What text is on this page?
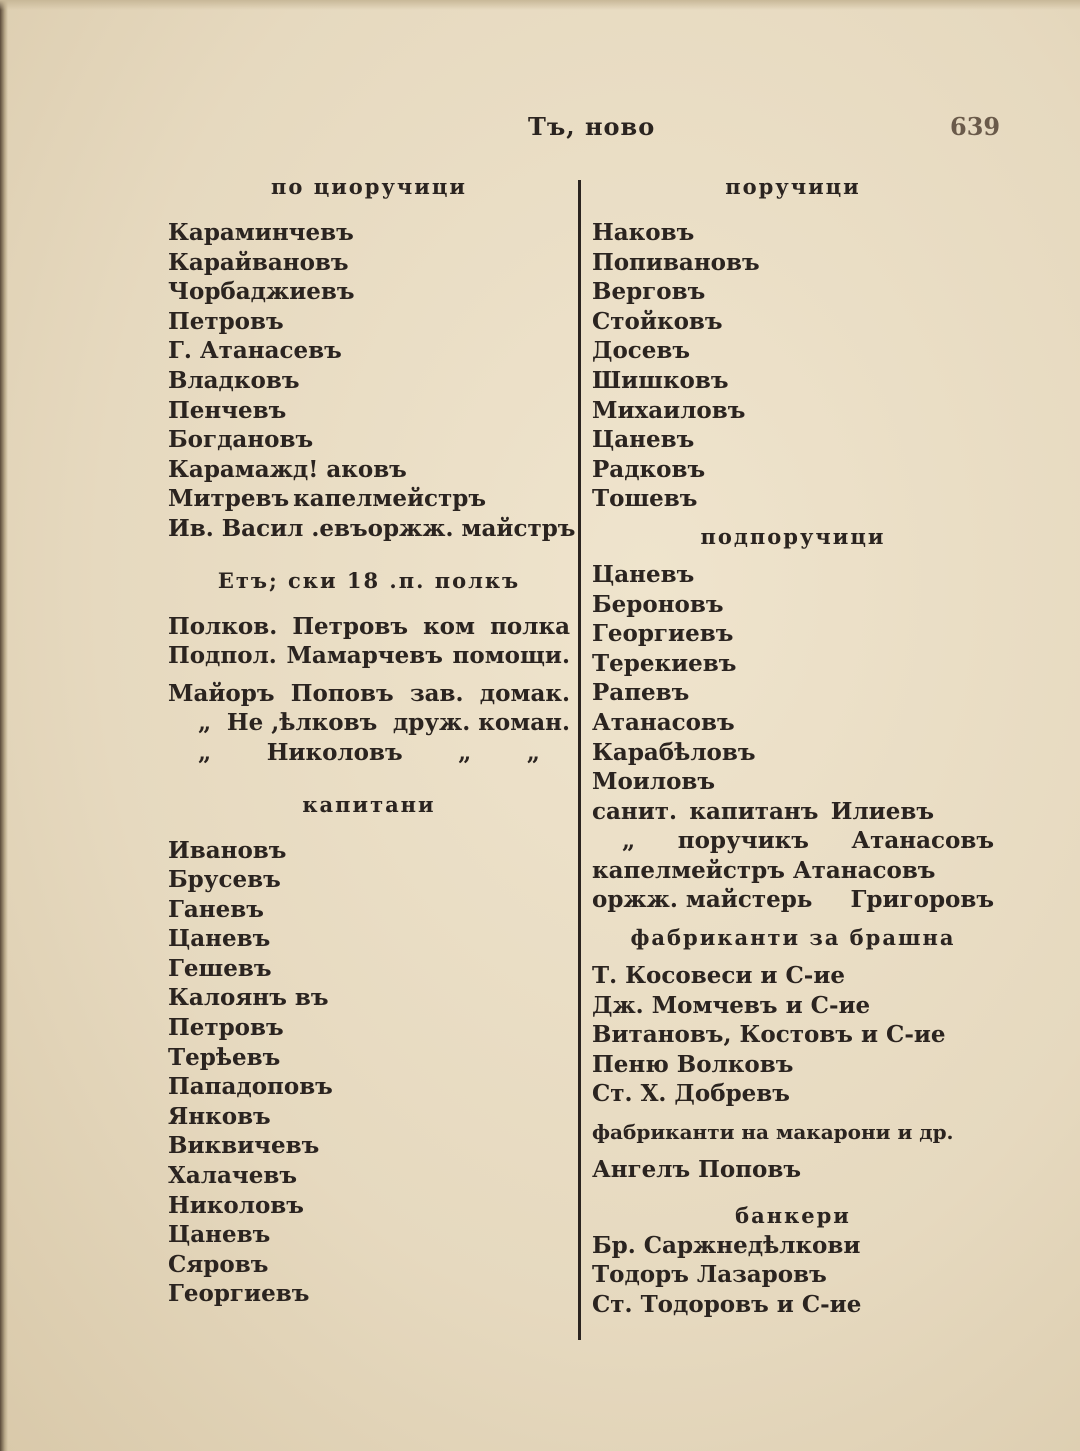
Тъ, ново	639
по циоручици
Караминчевъ
Карайвановъ
Чорбаджиевъ
Петровъ
Г. Атанасевъ
Владковъ
Пенчевъ
Богдановъ
Карамажд! аковъ
Митревъ капелмейстръ
Ив. Васил .евъ оржж. майстръ
Етъ; ски 18 .п. полкъ
Полков. Петровъ ком полка
Подпол. Мамарчевъ помощи.
Майоръ Поповъ зав. домак.
„ Не ,ѣлковъ друж. коман.
„ Николовъ „ „
капитани
Ивановъ
Брусевъ
Ганевъ
Цаневъ
Гешевъ
Калоянъ въ
Петровъ
Терѣевъ
Пападоповъ
Янковъ
Виквичевъ
Халачевъ
Николовъ
Цаневъ
Сяровъ
Георгиевъ
поручици
Наковъ
Попивановъ
Верговъ
Стойковъ
Досевъ
Шишковъ
Михаиловъ
Цаневъ
Радковъ
Тошевъ
подпоручици
Цаневъ
Бероновъ
Георгиевъ
Терекиевъ
Рапевъ
Атанасовъ
Карабѣловъ
Моиловъ
санит. капитанъ Илиевъ
„ поручикъ Атанасовъ
капелмейстръ Атанасовъ
оржж. майстерь Григоровъ
фабриканти за брашна
Т. Косовеси и С-ие
Дж. Момчевъ и С-ие
Витановъ, Костовъ и С-ие
Пеню Волковъ
Ст. Х. Добревъ
фабриканти на макарони и др.
Ангелъ Поповъ
банкери
Бр. Саржнедѣлкови
Тодоръ Лазаровъ
Ст. Тодоровъ и С-ие
